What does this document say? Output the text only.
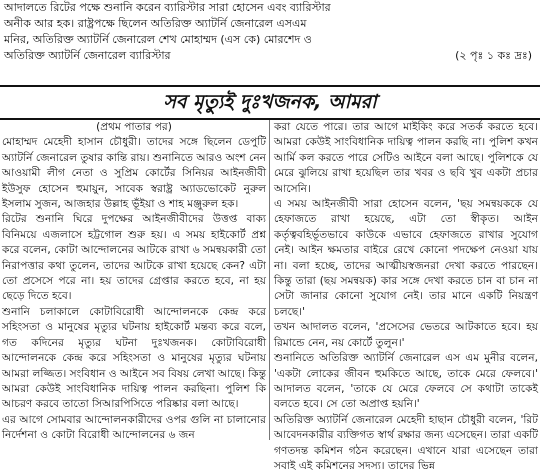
আদালতে রিটের পক্ষে শুনানি করেন ব্যারিস্টার সারা হোসেন এবং ব্যারিস্টার

অনীক আর হক। রাষ্ট্রপক্ষে ছিলেন অতিরিক্ত অ্যাটর্নি জেনারেল এসএম

মনির, অতিরিক্ত অ্যাটর্নি জেনারেল শেখ মোহাম্মদ (এস কে) মোরশেদ ও

অতিরিক্ত অ্যাটর্নি জেনারেল ব্যারিস্টার	(২ পৃঃ ১ কঃ দ্রঃ)

সব মৃত্যুই দুঃখজনক, আমরা

(প্রথম পাতার পর)

মোহাম্মদ মেহেদী হাসান চৌধুরী। তাদের সঙ্গে ছিলেন ডেপুটি অ্যাটর্নি জেনারেল তুষার কান্তি রায়। শুনানিতে আরও অংশ নেন আওয়ামী লীগ নেতা ও সুপ্রিম কোর্টের সিনিয়র আইনজীবী ইউসুফ হোসেন হুমায়ুন, সাবেক স্বরাষ্ট্র অ্যাডভোকেট নুরুল ইসলাম সুজন, আজহার উল্লাহ ভূঁইয়া ও শাহ মঞ্জুরুল হক।

রিটের শুনানি ঘিরে দুপক্ষের আইনজীবীদের উত্তপ্ত বাক্য বিনিময়ে এজলাসে হট্টগোল শুরু হয়। এ সময় হাইকোর্ট প্রশ্ন করে বলেন, কোটা আন্দোলনের আটকে রাখা ৬ সমন্বয়কারী তো নিরাপত্তার কথা তুলেন, তাদের আটকে রাখা হয়েছে কেন? এটা তো প্রসেসে পরে না। হয় তাদের গ্রেপ্তার করতে হবে, না হয় ছেড়ে দিতে হবে।

শুনানি চলাকালে কোটাবিরোধী আন্দোলনকে কেন্দ্র করে সহিংসতা ও মানুষের মৃত্যুর ঘটনায় হাইকোর্ট মন্তব্য করে বলে, গত কদিনের মৃত্যুর ঘটনা দুঃখজনক। কোটাবিরোধী আন্দোলনকে কেন্দ্র করে সহিংসতা ও মানুষের মৃত্যুর ঘটনায় আমরা লজ্জিত। সংবিধান ও আইনে সব বিষয় লেখা আছে। কিন্তু আমরা কেউই সাংবিধানিক দায়িত্ব পালন করছিনা। পুলিশ কি আচরণ করবে তাতো সিআরপিসিতে পরিষ্কার বলা আছে।

এর আগে সোমবার আন্দোলনকারীদের ওপর গুলি না চালানোর নির্দেশনা ও কোটা বিরোধী আন্দোলনের ৬ জন

করা যেতে পারে। তার আগে মাইকিং করে সতর্ক করতে হবে। আমরা কেউই সাংবিধানিক দায়িত্ব পালন করছি না। পুলিশ কখন আর্মি কল করতে পারে সেটিও আইনে বলা আছে। পুলিশকে যে মেরে ঝুলিয়ে রাখা হয়েছিল তার খবর ও ছবি খুব একটা প্রচার আসেনি।

এ সময় আইনজীবী সারা হোসেন বলেন, 'ছয় সমন্বয়ককে যে হেফাজতে রাখা হয়েছে, এটা তো স্বীকৃত। আইন কর্তৃত্ববহির্ভূতভাবে কাউকে এভাবে হেফাজতে রাখার সুযোগ নেই। আইন ক্ষমতার বাইরে রেখে কোনো পদক্ষেপ নেওয়া যায় না। বলা হচ্ছে, তাদের আত্মীয়স্বজনরা দেখা করতে পারছেন। কিন্তু তারা (ছয় সমন্বয়ক) কার সঙ্গে দেখা করতে চান বা চান না সেটা জানার কোনো সুযোগ নেই। তার মানে একটি নিয়ন্ত্রণ চলছে।'

তখন আদালত বলেন, 'প্রসেসের ভেতরে আটকাতে হবে। হয় রিমান্ডে নেন, নয় কোর্টে তুলুন।'

শুনানিতে অতিরিক্ত অ্যাটর্নি জেনারেল এস এম মুনীর বলেন, 'একটা লোকের জীবন হুমকিতে আছে, তাকে মেরে ফেলবে।' আদালত বলেন, 'তাকে যে মেরে ফেলবে সে কথাটা তাকেই বলতে হবে। সে তো অপ্রাপ্ত হয়নি।'

অতিরিক্ত অ্যাটর্নি জেনারেল মেহেদী হাছান চৌধুরী বলেন, 'রিট আবেদনকারীর ব্যক্তিগত স্বার্থ রক্ষার জন্য এসেছেন। তারা একটি গণতদন্ত কমিশন গঠন করেছেন। এখানে যারা এসেছেন তারা সবাই এই কমিশনের সদস্য। তাদের ভিন্ন
